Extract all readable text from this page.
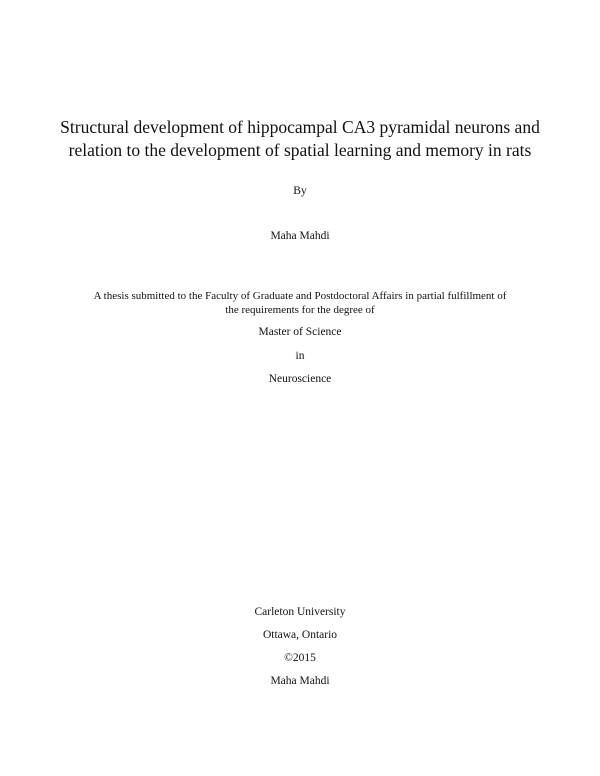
Structural development of hippocampal CA3 pyramidal neurons and
relation to the development of spatial learning and memory in rats
By
Maha Mahdi
A thesis submitted to the Faculty of Graduate and Postdoctoral Affairs in partial fulfillment of
the requirements for the degree of
Master of Science
in
Neuroscience
Carleton University
Ottawa, Ontario
©2015
Maha Mahdi
